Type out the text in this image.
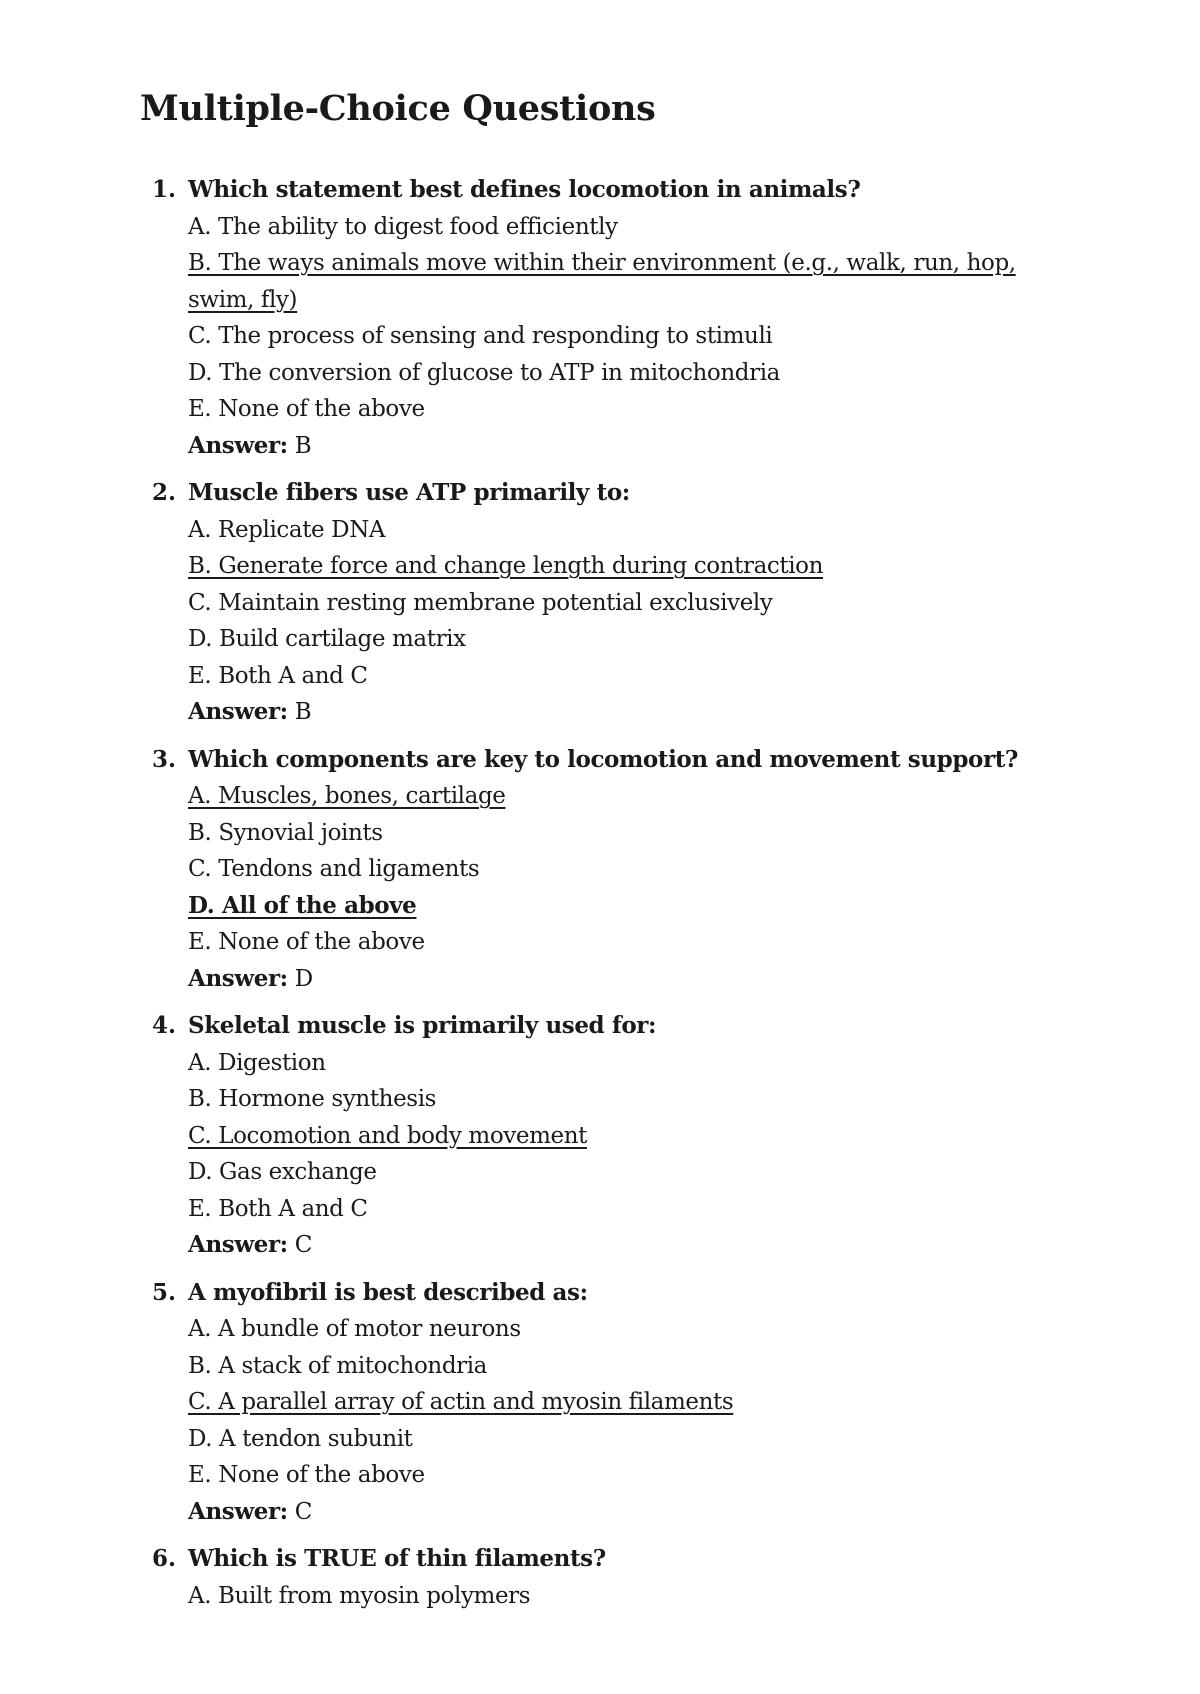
Multiple-Choice Questions
1. Which statement best defines locomotion in animals?
A. The ability to digest food efficiently
B. The ways animals move within their environment (e.g., walk, run, hop, swim, fly)
C. The process of sensing and responding to stimuli
D. The conversion of glucose to ATP in mitochondria
E. None of the above
Answer: B
2. Muscle fibers use ATP primarily to:
A. Replicate DNA
B. Generate force and change length during contraction
C. Maintain resting membrane potential exclusively
D. Build cartilage matrix
E. Both A and C
Answer: B
3. Which components are key to locomotion and movement support?
A. Muscles, bones, cartilage
B. Synovial joints
C. Tendons and ligaments
D. All of the above
E. None of the above
Answer: D
4. Skeletal muscle is primarily used for:
A. Digestion
B. Hormone synthesis
C. Locomotion and body movement
D. Gas exchange
E. Both A and C
Answer: C
5. A myofibril is best described as:
A. A bundle of motor neurons
B. A stack of mitochondria
C. A parallel array of actin and myosin filaments
D. A tendon subunit
E. None of the above
Answer: C
6. Which is TRUE of thin filaments?
A. Built from myosin polymers
